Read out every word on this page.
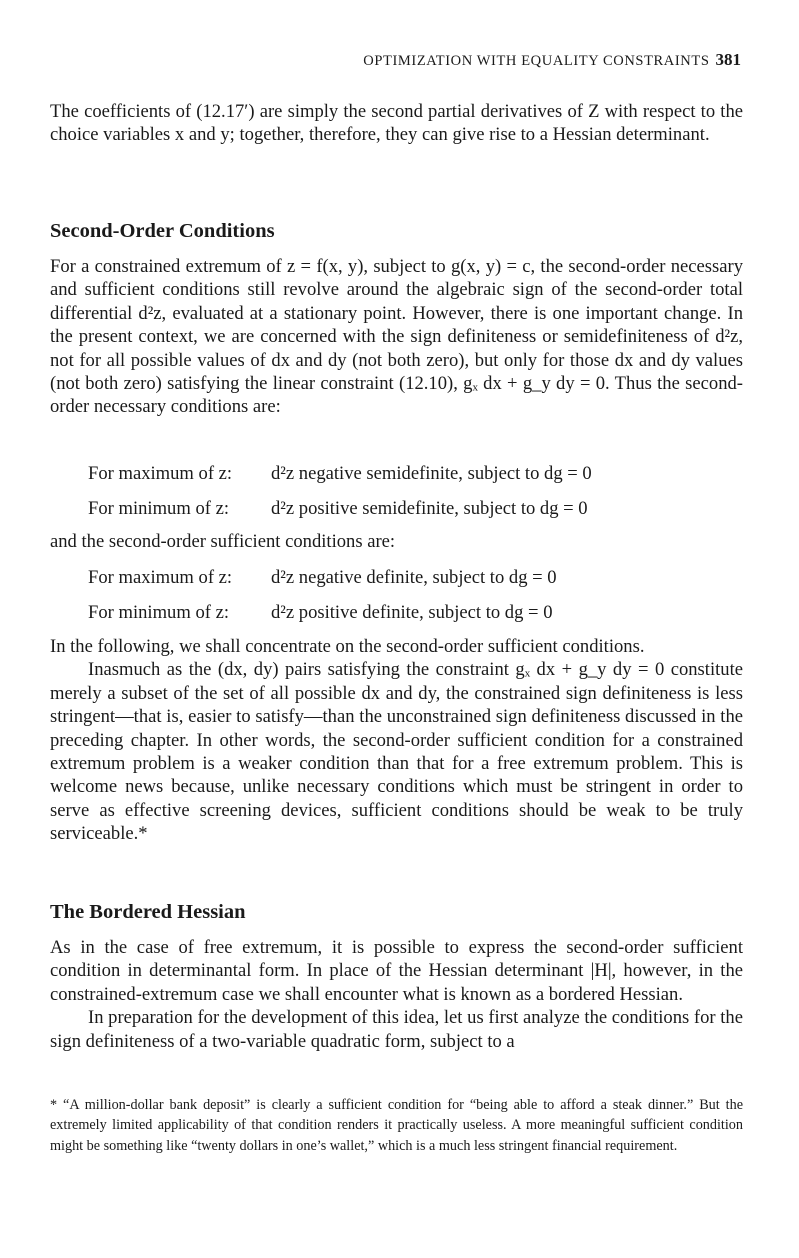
OPTIMIZATION WITH EQUALITY CONSTRAINTS 381

The coefficients of (12.17′) are simply the second partial derivatives of Z with respect to the choice variables x and y; together, therefore, they can give rise to a Hessian determinant.

Second-Order Conditions

For a constrained extremum of z = f(x, y), subject to g(x, y) = c, the second-order necessary and sufficient conditions still revolve around the algebraic sign of the second-order total differential d²z, evaluated at a stationary point. However, there is one important change. In the present context, we are concerned with the sign definiteness or semidefiniteness of d²z, not for all possible values of dx and dy (not both zero), but only for those dx and dy values (not both zero) satisfying the linear constraint (12.10), gₓ dx + g_y dy = 0. Thus the second-order necessary conditions are:

For maximum of z: d²z negative semidefinite, subject to dg = 0
For minimum of z: d²z positive semidefinite, subject to dg = 0
and the second-order sufficient conditions are:
For maximum of z: d²z negative definite, subject to dg = 0
For minimum of z: d²z positive definite, subject to dg = 0

In the following, we shall concentrate on the second-order sufficient conditions.

Inasmuch as the (dx, dy) pairs satisfying the constraint gₓ dx + g_y dy = 0 constitute merely a subset of the set of all possible dx and dy, the constrained sign definiteness is less stringent—that is, easier to satisfy—than the unconstrained sign definiteness discussed in the preceding chapter. In other words, the second-order sufficient condition for a constrained extremum problem is a weaker condition than that for a free extremum problem. This is welcome news because, unlike necessary conditions which must be stringent in order to serve as effective screening devices, sufficient conditions should be weak to be truly serviceable.*

The Bordered Hessian

As in the case of free extremum, it is possible to express the second-order sufficient condition in determinantal form. In place of the Hessian determinant |H|, however, in the constrained-extremum case we shall encounter what is known as a bordered Hessian.

In preparation for the development of this idea, let us first analyze the conditions for the sign definiteness of a two-variable quadratic form, subject to a

* “A million-dollar bank deposit” is clearly a sufficient condition for “being able to afford a steak dinner.” But the extremely limited applicability of that condition renders it practically useless. A more meaningful sufficient condition might be something like “twenty dollars in one’s wallet,” which is a much less stringent financial requirement.
